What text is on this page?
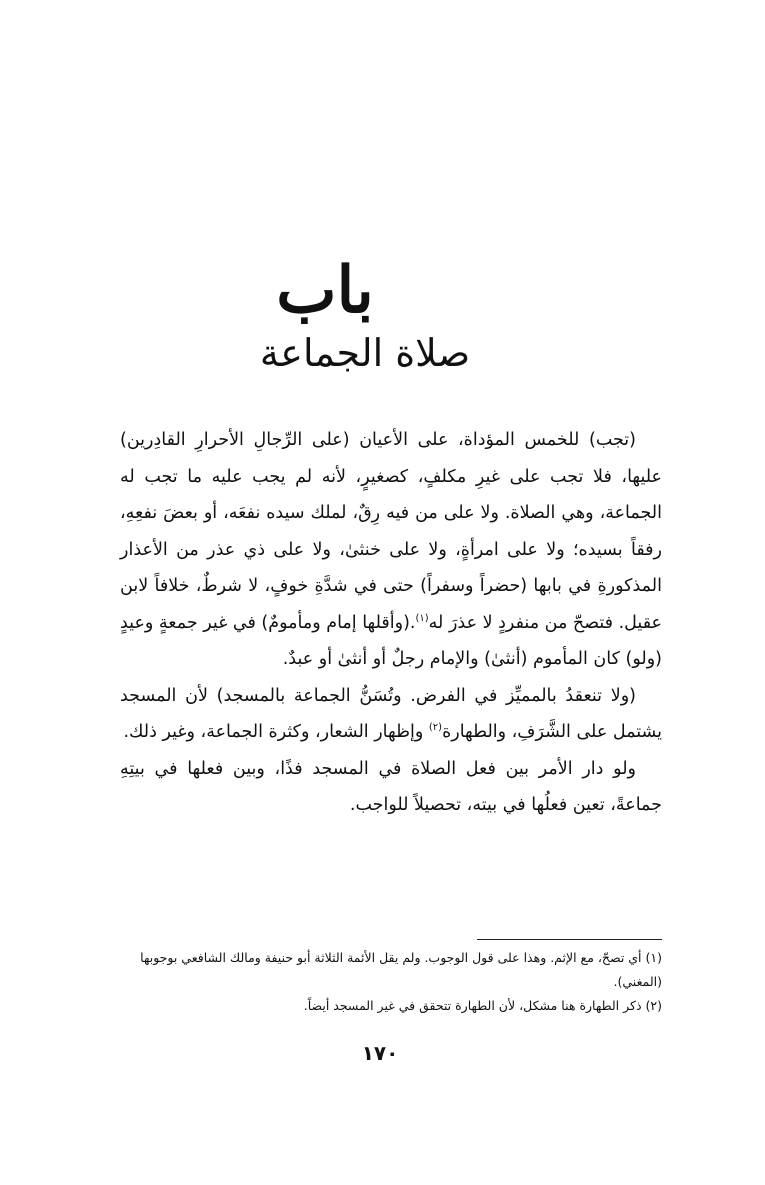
باب
صلاة الجماعة

(تجب) للخمس المؤداة، على الأعيان (على الرِّجالِ الأحرارِ القادِرين) عليها، فلا تجب على غيرِ مكلفٍ، كصغيرٍ، لأنه لم يجب عليه ما تجب له الجماعة، وهي الصلاة. ولا على من فيه رِقٌ، لملك سيده نفعَه، أو بعضَ نفعِهِ، رفقاً بسيده؛ ولا على امرأةٍ، ولا على خنثىٰ، ولا على ذي عذر من الأعذار المذكورةِ في بابها (حضراً وسفراً) حتى في شدَّةِ خوفٍ، لا شرطٌ، خلافاً لابن عقيل. فتصحّ من منفردٍ لا عذرَ له$^{(١)}$.(وأقلها إمام ومأمومٌ) في غير جمعةٍ وعيدٍ (ولو) كان المأموم (أنثىٰ) والإمام رجلٌ أو أنثىٰ أو عبدٌ.

(ولا تنعقدُ بالمميِّز في الفرض. وتُسَنُّ الجماعة بالمسجد) لأن المسجد يشتمل على الشَّرَفِ، والطهارة$^{(٢)}$ وإظهار الشعار، وكثرة الجماعة، وغير ذلك.

ولو دار الأمر بين فعل الصلاة في المسجد فذًا، وبين فعلها في بيتِهِ جماعةً، تعين فعلُها في بيته، تحصيلاً للواجب.

(١) أي تصحّ، مع الإثم. وهذا على قول الوجوب. ولم يقل الأئمة الثلاثة أبو حنيفة ومالك الشافعي بوجوبها (المغني).

(٢) ذكر الطهارة هنا مشكل، لأن الطهارة تتحقق في غير المسجد أيضاً.

١٧٠
